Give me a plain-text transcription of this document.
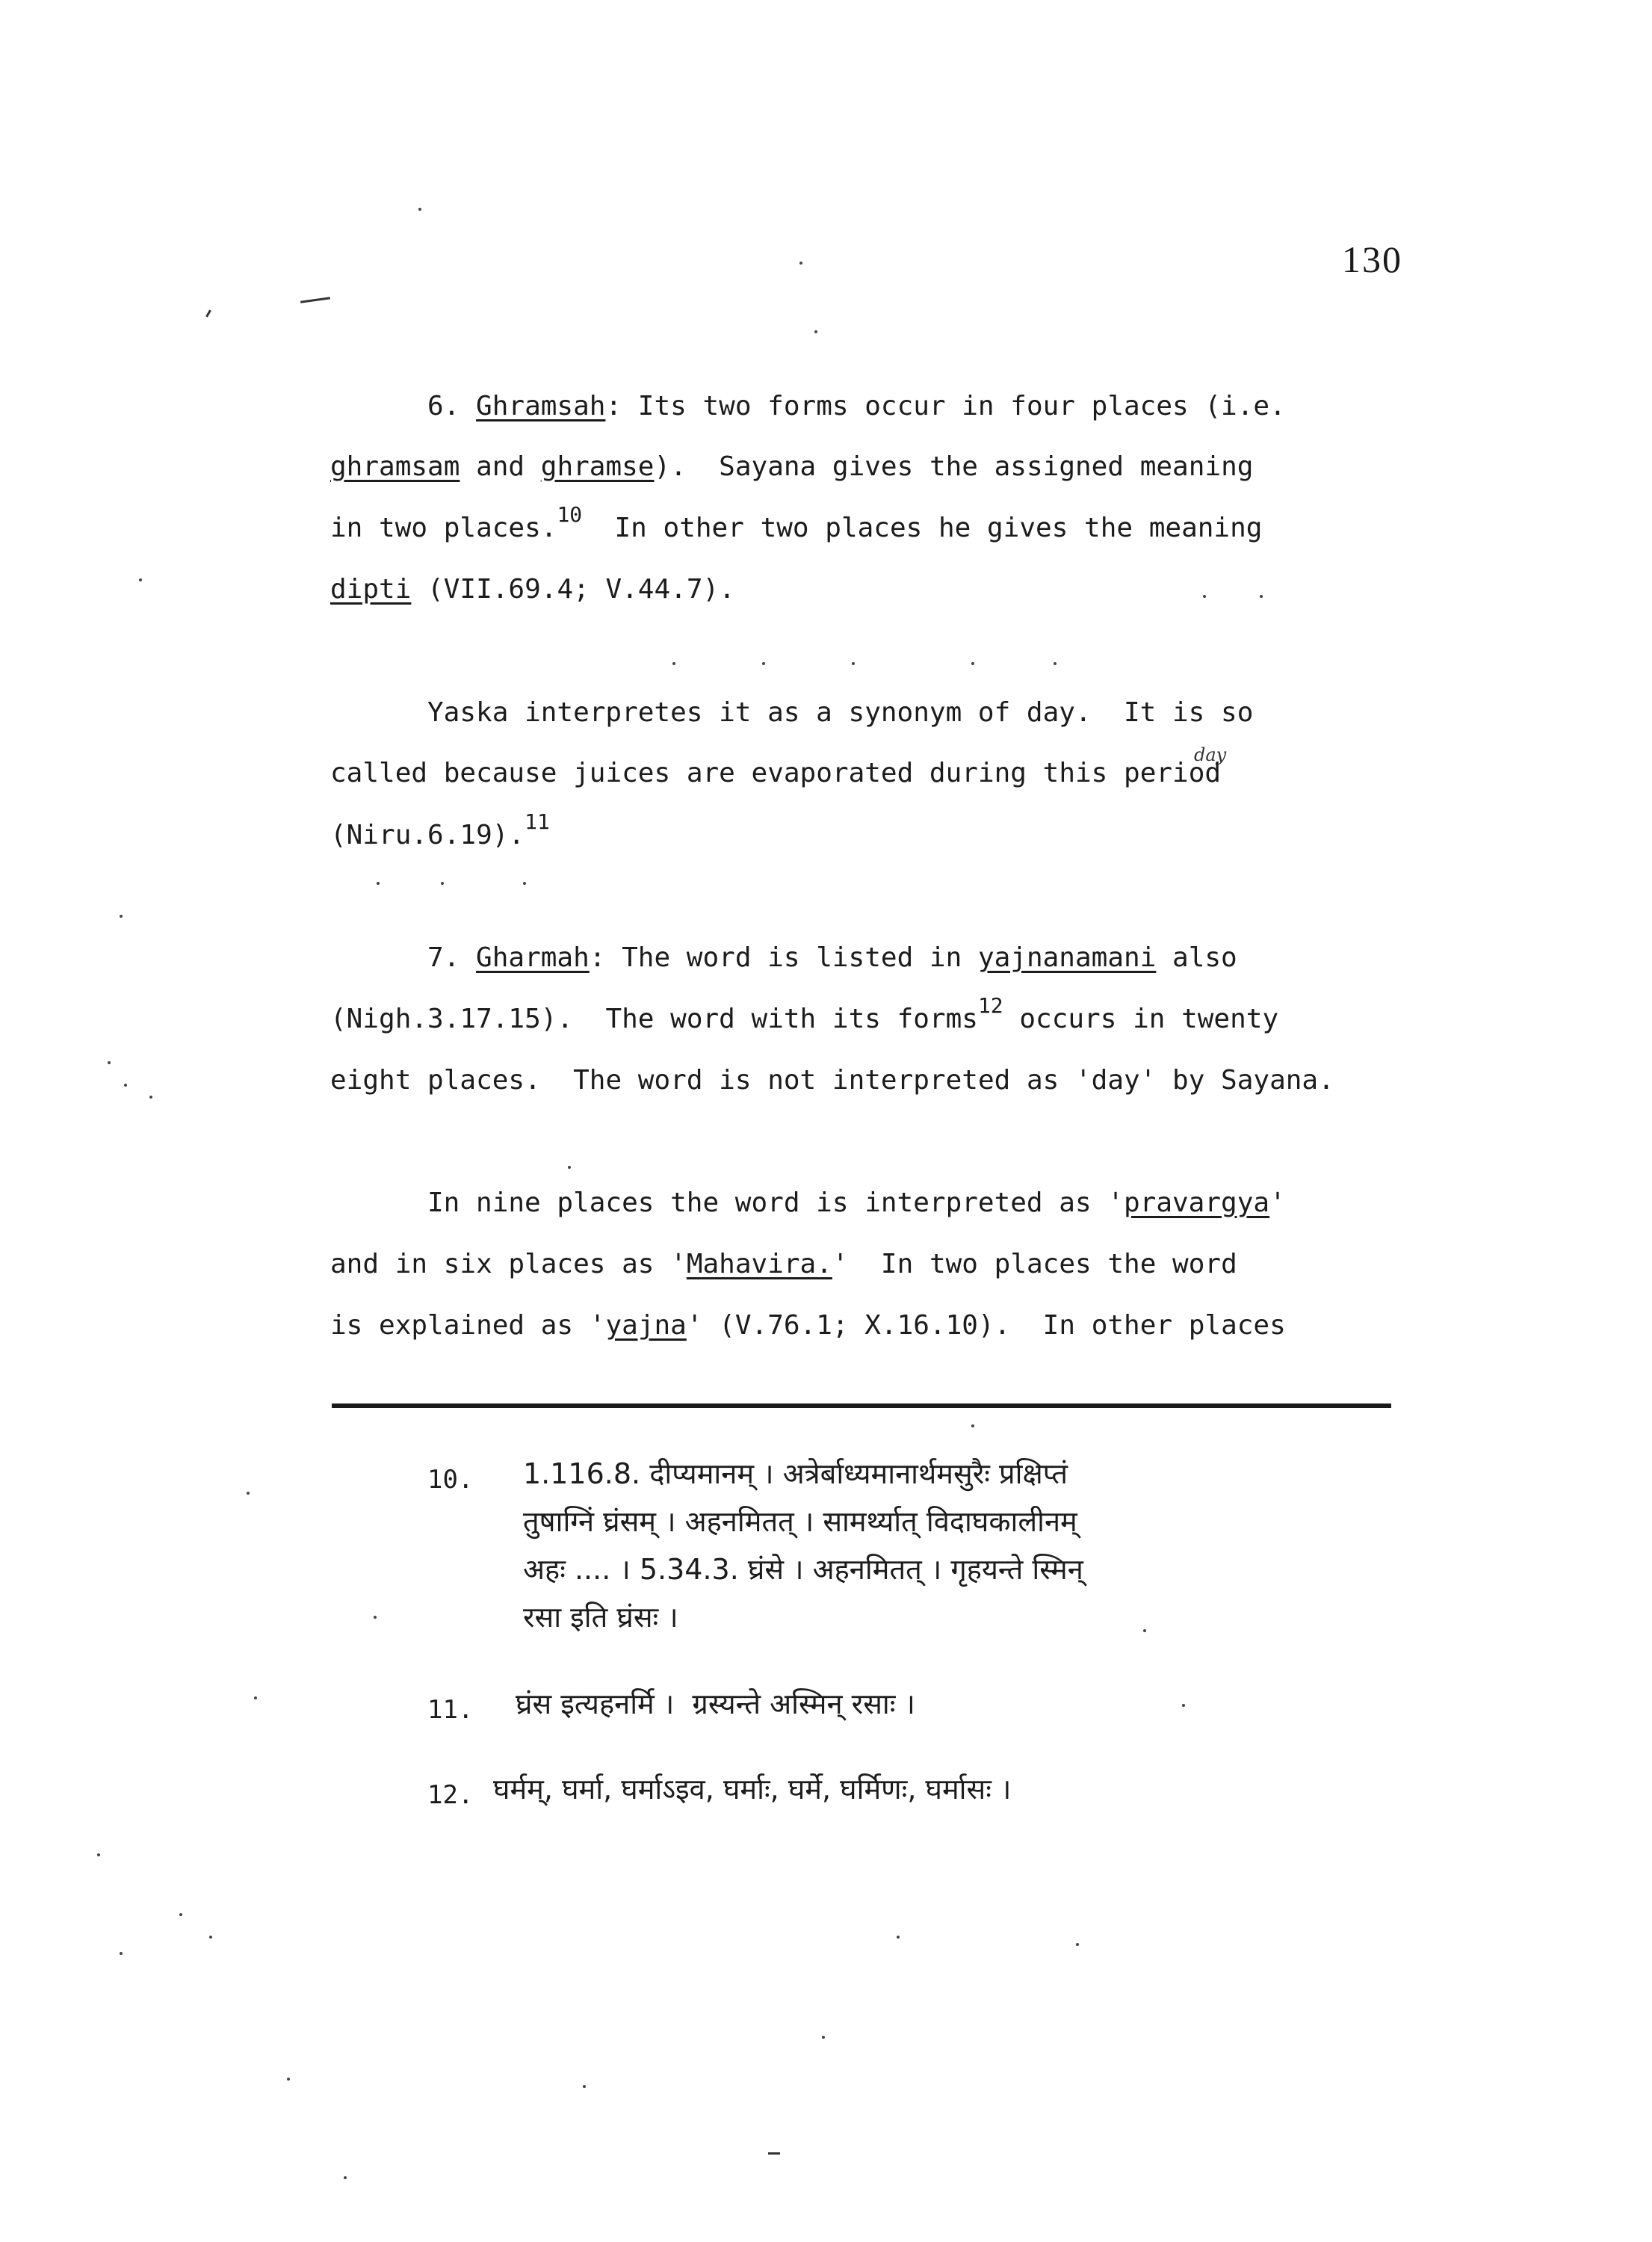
130
6. Ghramsah: Its two forms occur in four places (i.e.
ghramsam and ghramse).  Sayana gives the assigned meaning
in two places.$^{10}$  In other two places he gives the meaning
dipti (VII.69.4; V.44.7).
Yaska interpretes it as a synonym of day.  It is so
day
called because juices are evaporated during this period
(Niru.6.19).$^{11}$
7. Gharmah: The word is listed in yajnanamani also
(Nigh.3.17.15).  The word with its forms$^{12}$ occurs in twenty
eight places.  The word is not interpreted as 'day' by Sayana.
In nine places the word is interpreted as 'pravargya'
and in six places as 'Mahavira.'  In two places the word
is explained as 'yajna' (V.76.1; X.16.10).  In other places
10. 1.116.8. दीप्यमानम् । अत्रेर्बाध्यमानार्थमसुरैः प्रक्षिप्तं
तुषाग्निं घ्रंसम् । अहनमितत् । सामर्थ्यात् विदाघकालीनम्
अहः .... । 5.34.3. घ्रंसे । अहनमितत् । गृहयन्ते स्मिन्
रसा इति घ्रंसः ।
11. घ्रंस इत्यहनर्मि ।  ग्रस्यन्ते अस्मिन् रसाः ।
12. घर्मम्, घर्मा, घर्माऽइव, घर्माः, घर्मे, घर्मिणः, घर्मासः ।
